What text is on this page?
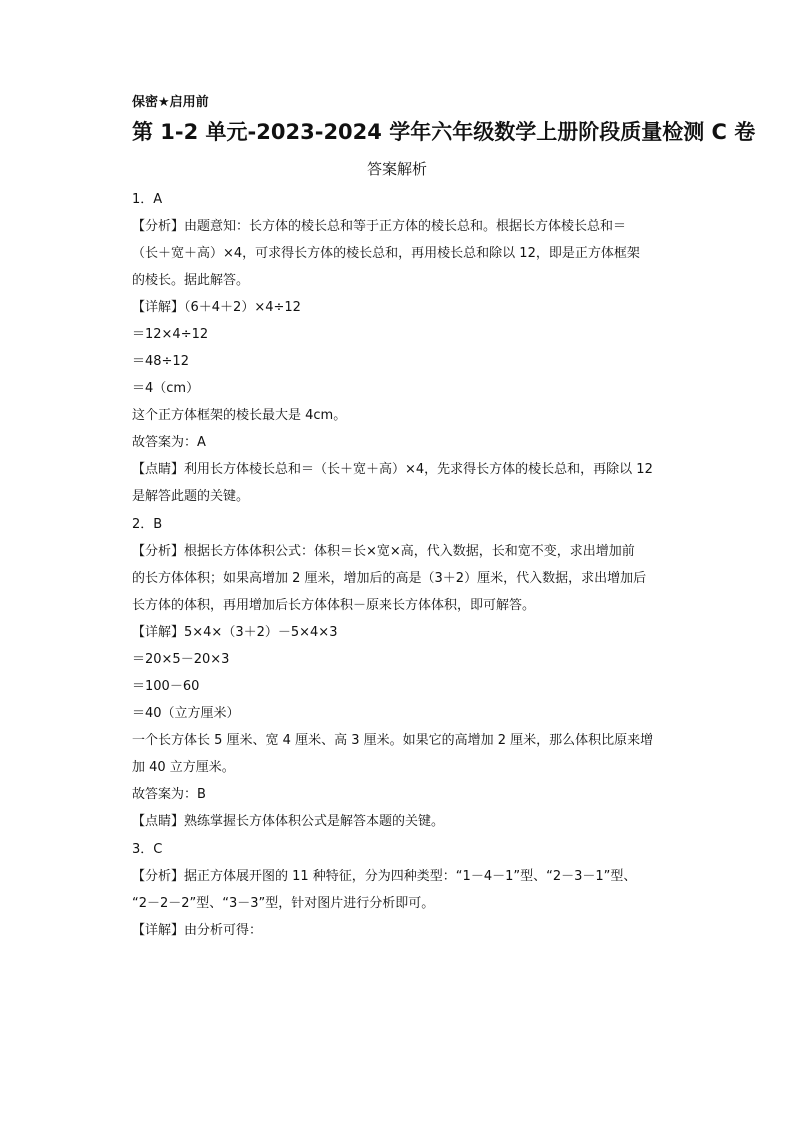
保密★启用前
第 1-2 单元-2023-2024 学年六年级数学上册阶段质量检测 C 卷
答案解析
1．A
【分析】由题意知：长方体的棱长总和等于正方体的棱长总和。根据长方体棱长总和＝
（长＋宽＋高）×4，可求得长方体的棱长总和，再用棱长总和除以 12，即是正方体框架
的棱长。据此解答。
【详解】（6＋4＋2）×4÷12
＝12×4÷12
＝48÷12
＝4（cm）
这个正方体框架的棱长最大是 4cm。
故答案为：A
【点睛】利用长方体棱长总和＝（长＋宽＋高）×4，先求得长方体的棱长总和，再除以 12
是解答此题的关键。
2．B
【分析】根据长方体体积公式：体积＝长×宽×高，代入数据，长和宽不变，求出增加前
的长方体体积；如果高增加 2 厘米，增加后的高是（3＋2）厘米，代入数据，求出增加后
长方体的体积，再用增加后长方体体积－原来长方体体积，即可解答。
【详解】5×4×（3＋2）－5×4×3
＝20×5－20×3
＝100－60
＝40（立方厘米）
一个长方体长 5 厘米、宽 4 厘米、高 3 厘米。如果它的高增加 2 厘米，那么体积比原来增
加 40 立方厘米。
故答案为：B
【点睛】熟练掌握长方体体积公式是解答本题的关键。
3．C
【分析】据正方体展开图的 11 种特征，分为四种类型：“1－4－1”型、“2－3－1”型、
“2－2－2”型、“3－3”型，针对图片进行分析即可。
【详解】由分析可得：
